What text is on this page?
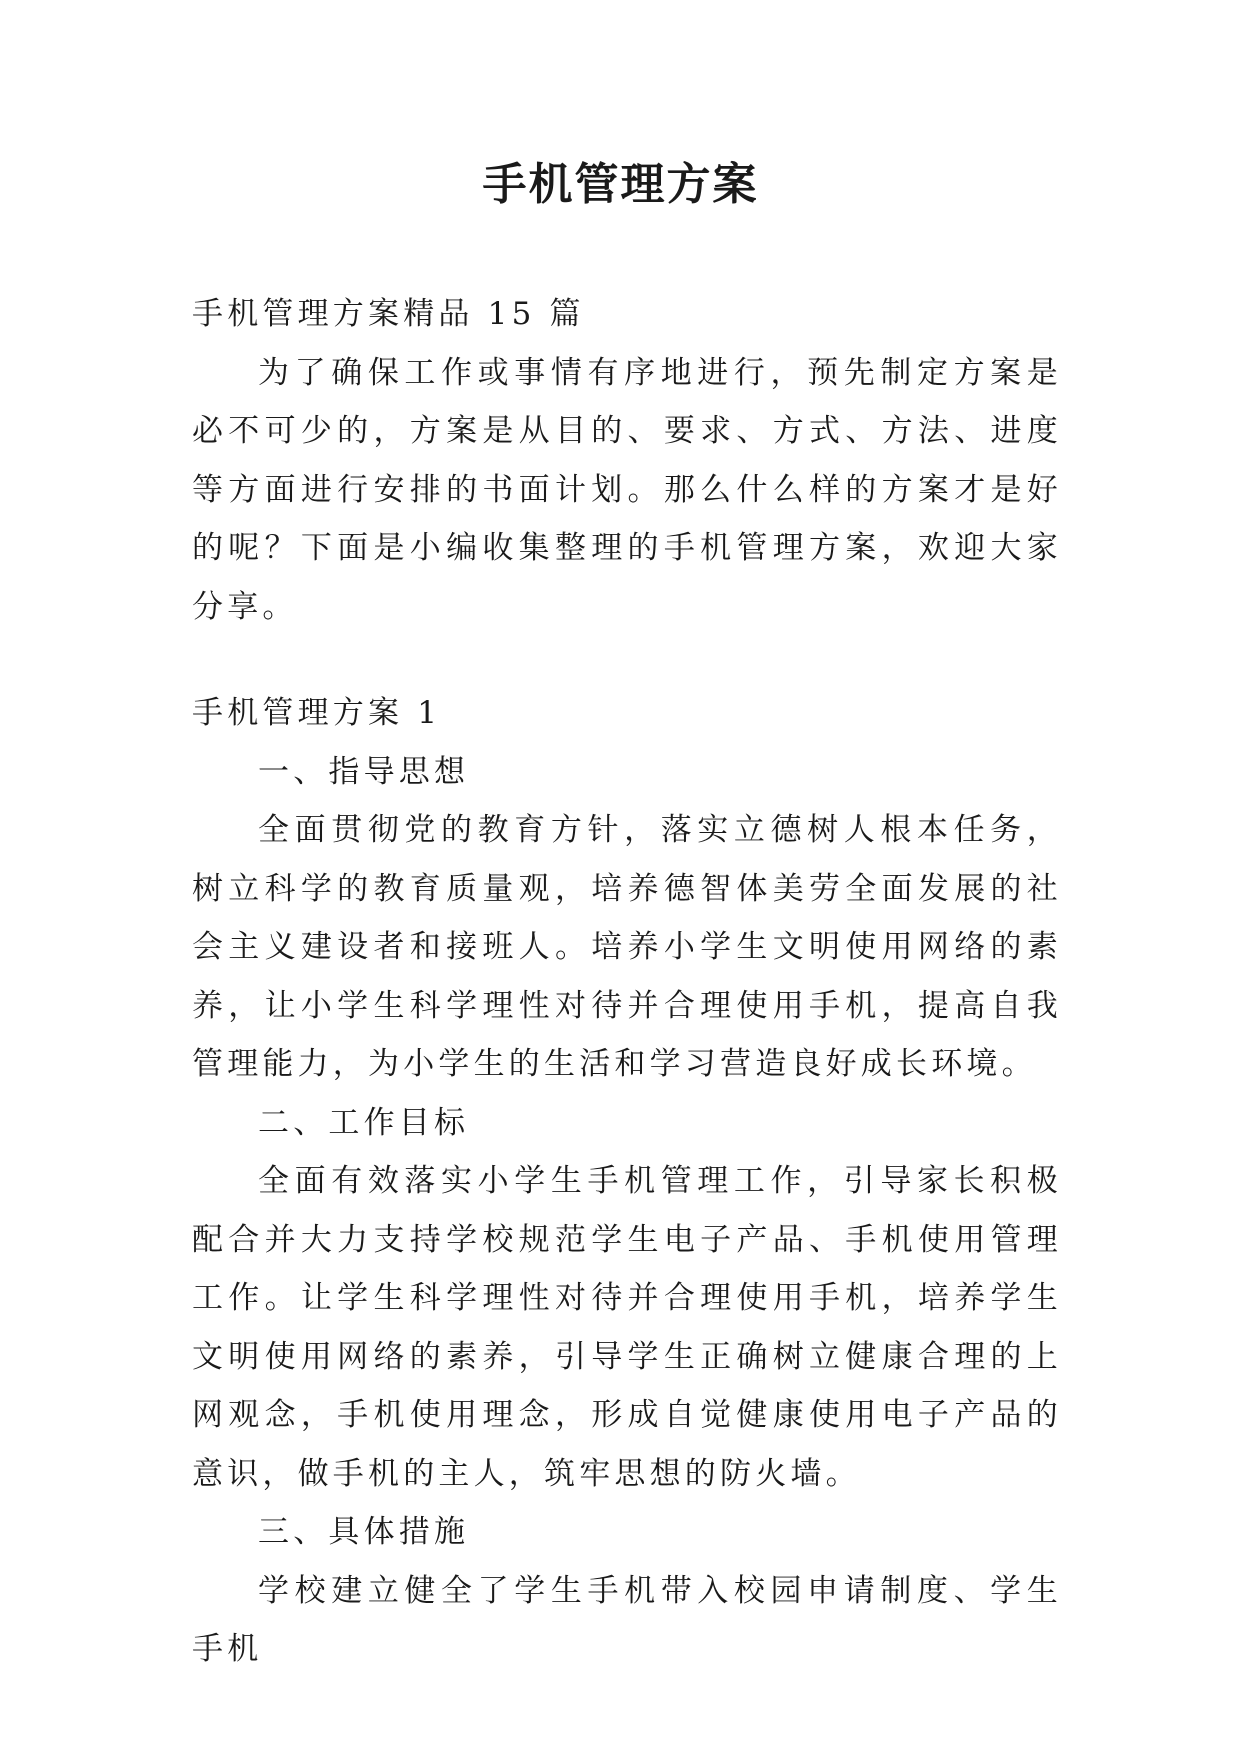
手机管理方案

手机管理方案精品 15 篇

为了确保工作或事情有序地进行，预先制定方案是必不可少的，方案是从目的、要求、方式、方法、进度等方面进行安排的书面计划。那么什么样的方案才是好的呢？下面是小编收集整理的手机管理方案，欢迎大家分享。

手机管理方案 1

一、指导思想

全面贯彻党的教育方针，落实立德树人根本任务，树立科学的教育质量观，培养德智体美劳全面发展的社会主义建设者和接班人。培养小学生文明使用网络的素养，让小学生科学理性对待并合理使用手机，提高自我管理能力，为小学生的生活和学习营造良好成长环境。

二、工作目标

全面有效落实小学生手机管理工作，引导家长积极配合并大力支持学校规范学生电子产品、手机使用管理工作。让学生科学理性对待并合理使用手机，培养学生文明使用网络的素养，引导学生正确树立健康合理的上网观念，手机使用理念，形成自觉健康使用电子产品的意识，做手机的主人，筑牢思想的防火墙。

三、具体措施

学校建立健全了学生手机带入校园申请制度、学生手机
